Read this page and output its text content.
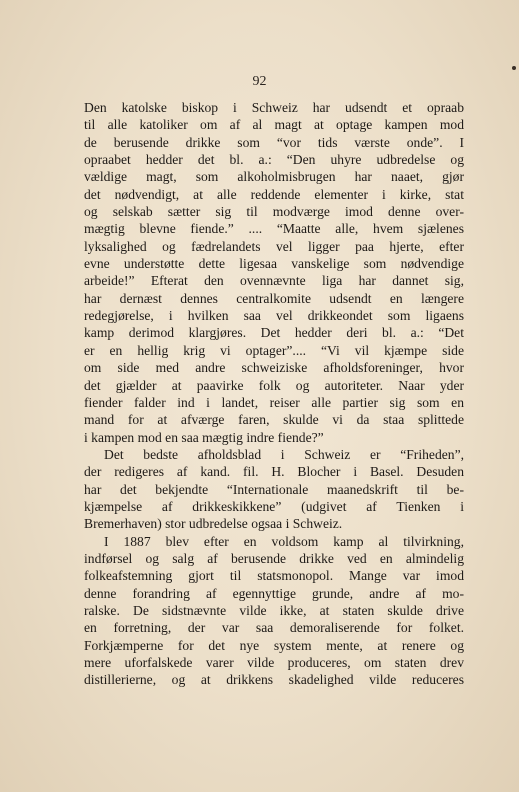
92
Den katolske biskop i Schweiz har udsendt et opraab
til alle katoliker om af al magt at optage kampen mod
de berusende drikke som “vor tids værste onde”. I
opraabet hedder det bl. a.: “Den uhyre udbredelse og
vældige magt, som alkoholmisbrugen har naaet, gjør
det nødvendigt, at alle reddende elementer i kirke, stat
og selskab sætter sig til modværge imod denne over-
mægtig blevne fiende.” .... “Maatte alle, hvem sjælenes
lyksalighed og fædrelandets vel ligger paa hjerte, efter
evne understøtte dette ligesaa vanskelige som nødvendige
arbeide!” Efterat den ovennævnte liga har dannet sig,
har dernæst dennes centralkomite udsendt en længere
redegjørelse, i hvilken saa vel drikkeondet som ligaens
kamp derimod klargjøres. Det hedder deri bl. a.: “Det
er en hellig krig vi optager”.... “Vi vil kjæmpe side
om side med andre schweiziske afholdsforeninger, hvor
det gjælder at paavirke folk og autoriteter. Naar yder
fiender falder ind i landet, reiser alle partier sig som en
mand for at afværge faren, skulde vi da staa splittede
i kampen mod en saa mægtig indre fiende?”
Det bedste afholdsblad i Schweiz er “Friheden”,
der redigeres af kand. fil. H. Blocher i Basel. Desuden
har det bekjendte “Internationale maanedskrift til be-
kjæmpelse af drikkeskikkene” (udgivet af Tienken i
Bremerhaven) stor udbredelse ogsaa i Schweiz.
I 1887 blev efter en voldsom kamp al tilvirkning,
indførsel og salg af berusende drikke ved en almindelig
folkeafstemning gjort til statsmonopol. Mange var imod
denne forandring af egennyttige grunde, andre af mo-
ralske. De sidstnævnte vilde ikke, at staten skulde drive
en forretning, der var saa demoraliserende for folket.
Forkjæmperne for det nye system mente, at renere og
mere uforfalskede varer vilde produceres, om staten drev
distillerierne, og at drikkens skadelighed vilde reduceres
